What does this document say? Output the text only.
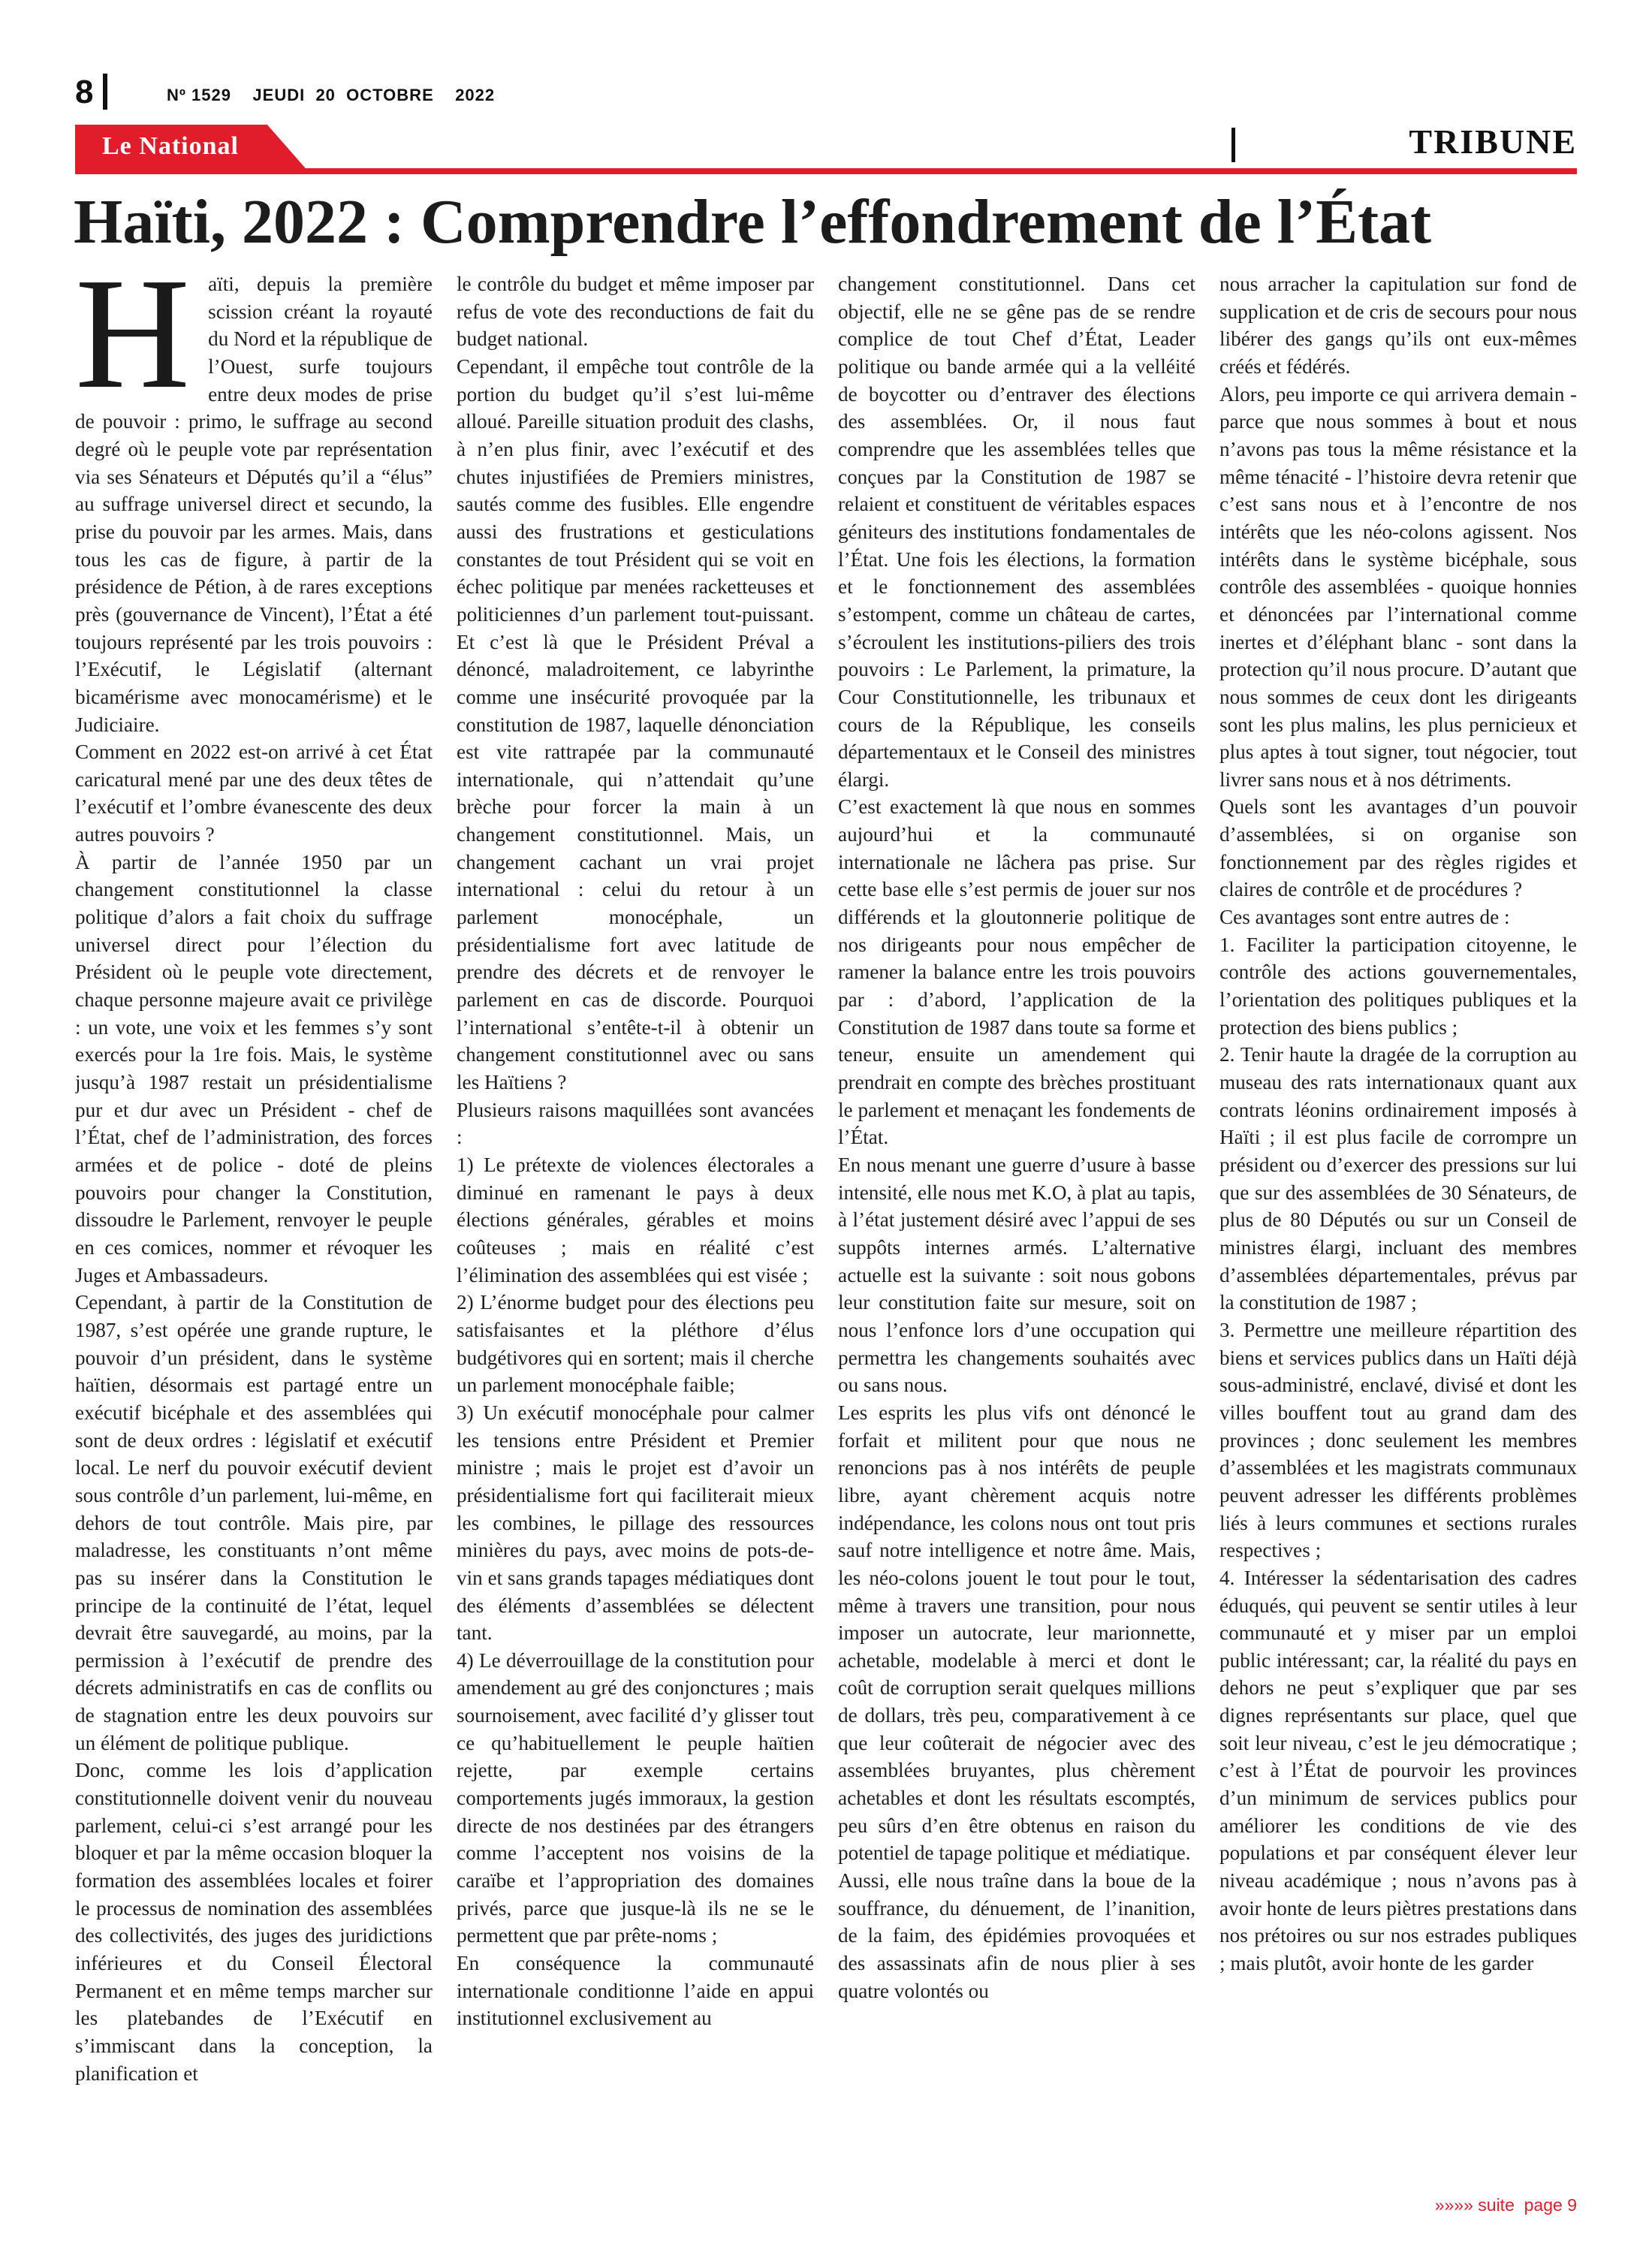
8	Nº 1529    JEUDI  20  OCTOBRE    2022
Le National	TRIBUNE
Haïti, 2022 : Comprendre l’effondrement de l’État
H aïti, depuis la première scission créant la royauté du Nord et la république de l’Ouest, surfe toujours entre deux modes de prise de pouvoir : primo, le suffrage au second degré où le peuple vote par représentation via ses Sénateurs et Députés qu’il a “élus” au suffrage universel direct et secundo, la prise du pouvoir par les armes. Mais, dans tous les cas de figure, à partir de la présidence de Pétion, à de rares exceptions près (gouvernance de Vincent), l’État a été toujours représenté par les trois pouvoirs : l’Exécutif, le Législatif (alternant bicamérisme avec monocamérisme) et le Judiciaire.

Comment en 2022 est-on arrivé à cet État caricatural mené par une des deux têtes de l’exécutif et l’ombre évanescente des deux autres pouvoirs ?

À partir de l’année 1950 par un changement constitutionnel la classe politique d’alors a fait choix du suffrage universel direct pour l’élection du Président où le peuple vote directement, chaque personne majeure avait ce privilège : un vote, une voix et les femmes s’y sont exercés pour la 1re fois. Mais, le système jusqu’à 1987 restait un présidentialisme pur et dur avec un Président - chef de l’État, chef de l’administration, des forces armées et de police - doté de pleins pouvoirs pour changer la Constitution, dissoudre le Parlement, renvoyer le peuple en ces comices, nommer et révoquer les Juges et Ambassadeurs.

Cependant, à partir de la Constitution de 1987, s’est opérée une grande rupture, le pouvoir d’un président, dans le système haïtien, désormais est partagé entre un exécutif bicéphale et des assemblées qui sont de deux ordres : législatif et exécutif local. Le nerf du pouvoir exécutif devient sous contrôle d’un parlement, lui-même, en dehors de tout contrôle. Mais pire, par maladresse, les constituants n’ont même pas su insérer dans la Constitution le principe de la continuité de l’état, lequel devrait être sauvegardé, au moins, par la permission à l’exécutif de prendre des décrets administratifs en cas de conflits ou de stagnation entre les deux pouvoirs sur un élément de politique publique.

Donc, comme les lois d’application constitutionnelle doivent venir du nouveau parlement, celui-ci s’est arrangé pour les bloquer et par la même occasion bloquer la formation des assemblées locales et foirer le processus de nomination des assemblées des collectivités, des juges des juridictions inférieures et du Conseil Électoral Permanent et en même temps marcher sur les platebandes de l’Exécutif en s’immiscant dans la conception, la planification et

le contrôle du budget et même imposer par refus de vote des reconductions de fait du budget national.

Cependant, il empêche tout contrôle de la portion du budget qu’il s’est lui-même alloué. Pareille situation produit des clashs, à n’en plus finir, avec l’exécutif et des chutes injustifiées de Premiers ministres, sautés comme des fusibles. Elle engendre aussi des frustrations et gesticulations constantes de tout Président qui se voit en échec politique par menées racketteuses et politiciennes d’un parlement tout-puissant. Et c’est là que le Président Préval a dénoncé, maladroitement, ce labyrinthe comme une insécurité provoquée par la constitution de 1987, laquelle dénonciation est vite rattrapée par la communauté internationale, qui n’attendait qu’une brèche pour forcer la main à un changement constitutionnel. Mais, un changement cachant un vrai projet international : celui du retour à un parlement monocéphale, un présidentialisme fort avec latitude de prendre des décrets et de renvoyer le parlement en cas de discorde. Pourquoi l’international s’entête-t-il à obtenir un changement constitutionnel avec ou sans les Haïtiens ?

Plusieurs raisons maquillées sont avancées :

1) Le prétexte de violences électorales a diminué en ramenant le pays à deux élections générales, gérables et moins coûteuses ; mais en réalité c’est l’élimination des assemblées qui est visée ;

2) L’énorme budget pour des élections peu satisfaisantes et la pléthore d’élus budgétivores qui en sortent; mais il cherche un parlement monocéphale faible;

3) Un exécutif monocéphale pour calmer les tensions entre Président et Premier ministre ; mais le projet est d’avoir un présidentialisme fort qui faciliterait mieux les combines, le pillage des ressources minières du pays, avec moins de pots-de-vin et sans grands tapages médiatiques dont des éléments d’assemblées se délectent tant.

4) Le déverrouillage de la constitution pour amendement au gré des conjonctures ; mais sournoisement, avec facilité d’y glisser tout ce qu’habituellement le peuple haïtien rejette, par exemple certains comportements jugés immoraux, la gestion directe de nos destinées par des étrangers comme l’acceptent nos voisins de la caraïbe et l’appropriation des domaines privés, parce que jusque-là ils ne se le permettent que par prête-noms ;

En conséquence la communauté internationale conditionne l’aide en appui institutionnel exclusivement au

changement constitutionnel. Dans cet objectif, elle ne se gêne pas de se rendre complice de tout Chef d’État, Leader politique ou bande armée qui a la velléité de boycotter ou d’entraver des élections des assemblées. Or, il nous faut comprendre que les assemblées telles que conçues par la Constitution de 1987 se relaient et constituent de véritables espaces géniteurs des institutions fondamentales de l’État. Une fois les élections, la formation et le fonctionnement des assemblées s’estompent, comme un château de cartes, s’écroulent les institutions-piliers des trois pouvoirs : Le Parlement, la primature, la Cour Constitutionnelle, les tribunaux et cours de la République, les conseils départementaux et le Conseil des ministres élargi.

C’est exactement là que nous en sommes aujourd’hui et la communauté internationale ne lâchera pas prise. Sur cette base elle s’est permis de jouer sur nos différends et la gloutonnerie politique de nos dirigeants pour nous empêcher de ramener la balance entre les trois pouvoirs par : d’abord, l’application de la Constitution de 1987 dans toute sa forme et teneur, ensuite un amendement qui prendrait en compte des brèches prostituant le parlement et menaçant les fondements de l’État.

En nous menant une guerre d’usure à basse intensité, elle nous met K.O, à plat au tapis, à l’état justement désiré avec l’appui de ses suppôts internes armés. L’alternative actuelle est la suivante : soit nous gobons leur constitution faite sur mesure, soit on nous l’enfonce lors d’une occupation qui permettra les changements souhaités avec ou sans nous.

Les esprits les plus vifs ont dénoncé le forfait et militent pour que nous ne renoncions pas à nos intérêts de peuple libre, ayant chèrement acquis notre indépendance, les colons nous ont tout pris sauf notre intelligence et notre âme. Mais, les néo-colons jouent le tout pour le tout, même à travers une transition, pour nous imposer un autocrate, leur marionnette, achetable, modelable à merci et dont le coût de corruption serait quelques millions de dollars, très peu, comparativement à ce que leur coûterait de négocier avec des assemblées bruyantes, plus chèrement achetables et dont les résultats escomptés, peu sûrs d’en être obtenus en raison du potentiel de tapage politique et médiatique.

Aussi, elle nous traîne dans la boue de la souffrance, du dénuement, de l’inanition, de la faim, des épidémies provoquées et des assassinats afin de nous plier à ses quatre volontés ou

nous arracher la capitulation sur fond de supplication et de cris de secours pour nous libérer des gangs qu’ils ont eux-mêmes créés et fédérés.

Alors, peu importe ce qui arrivera demain - parce que nous sommes à bout et nous n’avons pas tous la même résistance et la même ténacité - l’histoire devra retenir que c’est sans nous et à l’encontre de nos intérêts que les néo-colons agissent. Nos intérêts dans le système bicéphale, sous contrôle des assemblées - quoique honnies et dénoncées par l’international comme inertes et d’éléphant blanc - sont dans la protection qu’il nous procure. D’autant que nous sommes de ceux dont les dirigeants sont les plus malins, les plus pernicieux et plus aptes à tout signer, tout négocier, tout livrer sans nous et à nos détriments.

Quels sont les avantages d’un pouvoir d’assemblées, si on organise son fonctionnement par des règles rigides et claires de contrôle et de procédures ?

Ces avantages sont entre autres de :

1. Faciliter la participation citoyenne, le contrôle des actions gouvernementales, l’orientation des politiques publiques et la protection des biens publics ;

2. Tenir haute la dragée de la corruption au museau des rats internationaux quant aux contrats léonins ordinairement imposés à Haïti ; il est plus facile de corrompre un président ou d’exercer des pressions sur lui que sur des assemblées de 30 Sénateurs, de plus de 80 Députés ou sur un Conseil de ministres élargi, incluant des membres d’assemblées départementales, prévus par la constitution de 1987 ;

3. Permettre une meilleure répartition des biens et services publics dans un Haïti déjà sous-administré, enclavé, divisé et dont les villes bouffent tout au grand dam des provinces ; donc seulement les membres d’assemblées et les magistrats communaux peuvent adresser les différents problèmes liés à leurs communes et sections rurales respectives ;

4. Intéresser la sédentarisation des cadres éduqués, qui peuvent se sentir utiles à leur communauté et y miser par un emploi public intéressant; car, la réalité du pays en dehors ne peut s’expliquer que par ses dignes représentants sur place, quel que soit leur niveau, c’est le jeu démocratique ; c’est à l’État de pourvoir les provinces d’un minimum de services publics pour améliorer les conditions de vie des populations et par conséquent élever leur niveau académique ; nous n’avons pas à avoir honte de leurs piètres prestations dans nos prétoires ou sur nos estrades publiques ; mais plutôt, avoir honte de les garder

»»»» suite  page 9
